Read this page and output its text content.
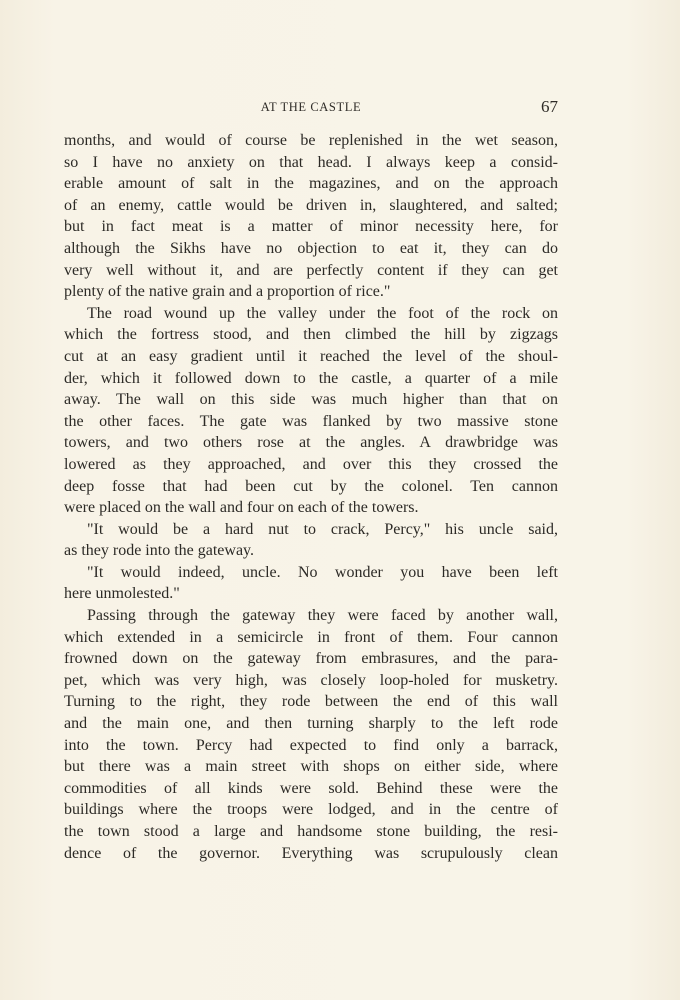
AT THE CASTLE	67
months, and would of course be replenished in the wet season,
so I have no anxiety on that head. I always keep a consid-
erable amount of salt in the magazines, and on the approach
of an enemy, cattle would be driven in, slaughtered, and salted;
but in fact meat is a matter of minor necessity here, for
although the Sikhs have no objection to eat it, they can do
very well without it, and are perfectly content if they can get
plenty of the native grain and a proportion of rice."
The road wound up the valley under the foot of the rock on
which the fortress stood, and then climbed the hill by zigzags
cut at an easy gradient until it reached the level of the shoul-
der, which it followed down to the castle, a quarter of a mile
away. The wall on this side was much higher than that on
the other faces. The gate was flanked by two massive stone
towers, and two others rose at the angles. A drawbridge was
lowered as they approached, and over this they crossed the
deep fosse that had been cut by the colonel. Ten cannon
were placed on the wall and four on each of the towers.
"It would be a hard nut to crack, Percy," his uncle said,
as they rode into the gateway.
"It would indeed, uncle. No wonder you have been left
here unmolested."
Passing through the gateway they were faced by another wall,
which extended in a semicircle in front of them. Four cannon
frowned down on the gateway from embrasures, and the para-
pet, which was very high, was closely loop-holed for musketry.
Turning to the right, they rode between the end of this wall
and the main one, and then turning sharply to the left rode
into the town. Percy had expected to find only a barrack,
but there was a main street with shops on either side, where
commodities of all kinds were sold. Behind these were the
buildings where the troops were lodged, and in the centre of
the town stood a large and handsome stone building, the resi-
dence of the governor. Everything was scrupulously clean
